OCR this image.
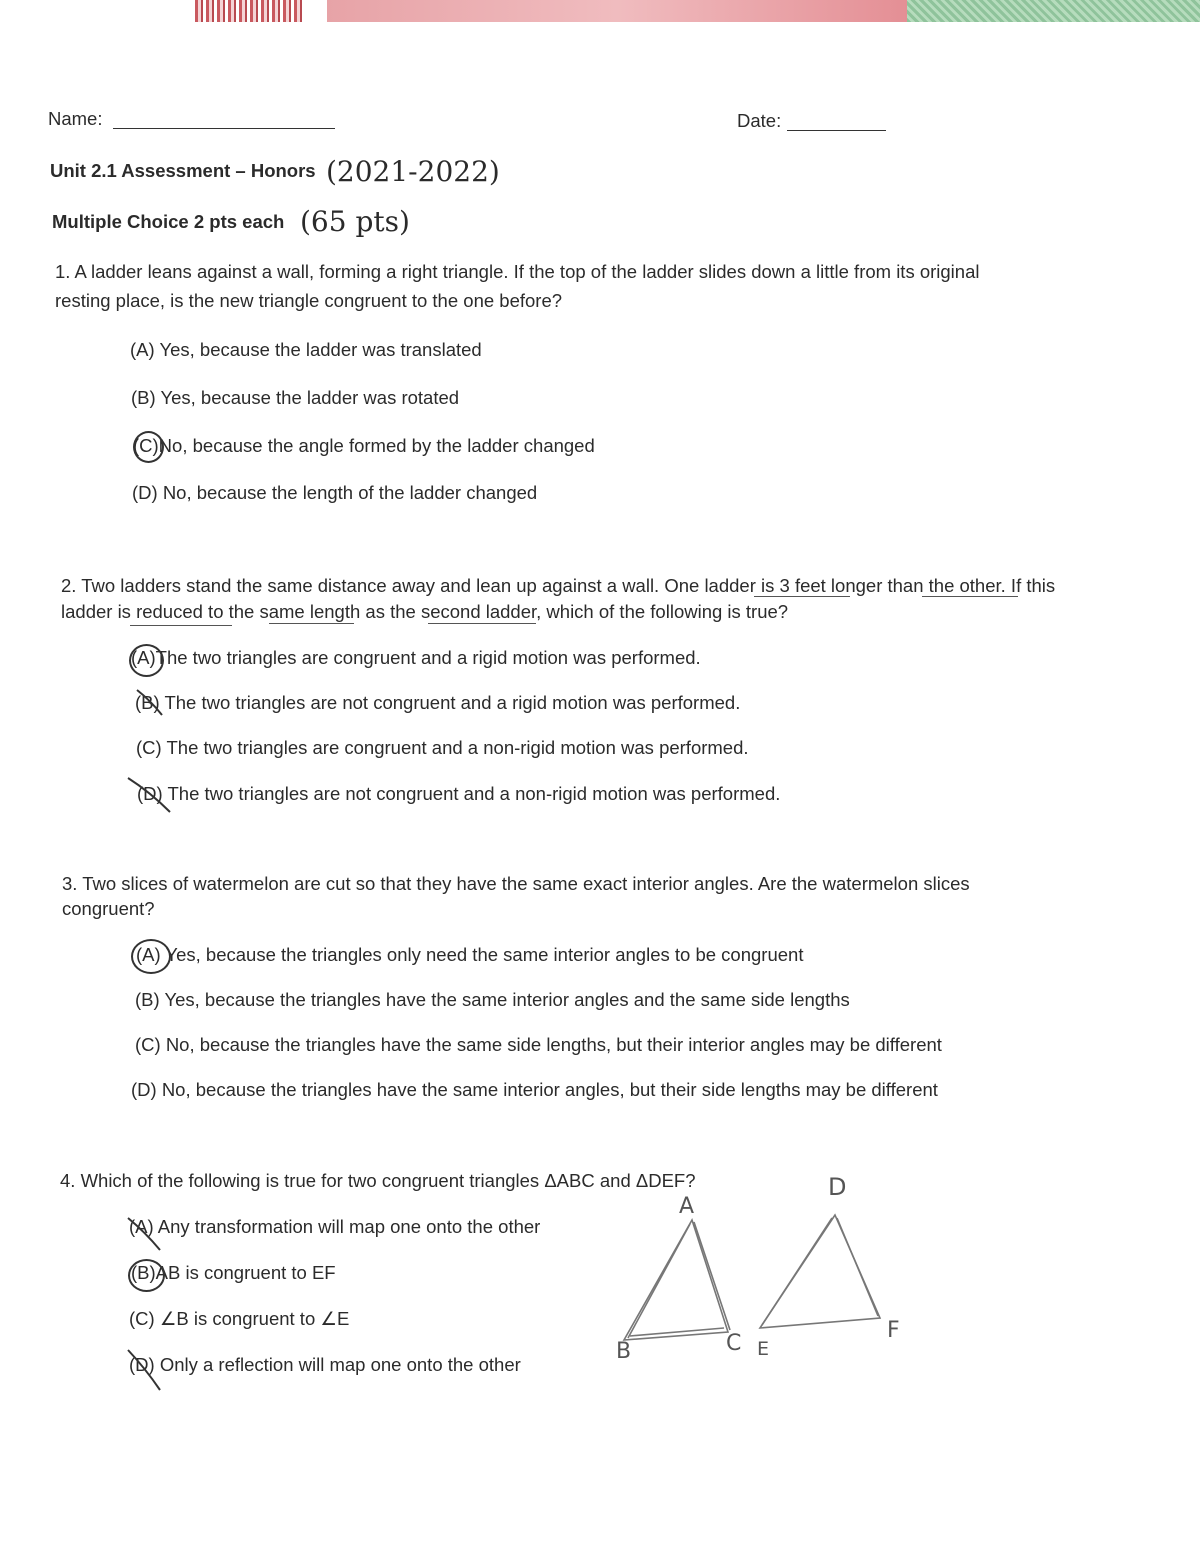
Name:	Date:
Unit 2.1 Assessment – Honors (2021-2022)
Multiple Choice 2 pts each (65 pts)
1. A ladder leans against a wall, forming a right triangle. If the top of the ladder slides down a little from its original
resting place, is the new triangle congruent to the one before?
(A) Yes, because the ladder was translated
(B) Yes, because the ladder was rotated
(C)No, because the angle formed by the ladder changed
(D) No, because the length of the ladder changed
2. Two ladders stand the same distance away and lean up against a wall. One ladder is 3 feet longer than the other. If this
ladder is reduced to the same length as the second ladder, which of the following is true?
(A)The two triangles are congruent and a rigid motion was performed.
(B) The two triangles are not congruent and a rigid motion was performed.
(C) The two triangles are congruent and a non-rigid motion was performed.
(D) The two triangles are not congruent and a non-rigid motion was performed.
3. Two slices of watermelon are cut so that they have the same exact interior angles. Are the watermelon slices
congruent?
(A) Yes, because the triangles only need the same interior angles to be congruent
(B) Yes, because the triangles have the same interior angles and the same side lengths
(C) No, because the triangles have the same side lengths, but their interior angles may be different
(D) No, because the triangles have the same interior angles, but their side lengths may be different
4. Which of the following is true for two congruent triangles ΔABC and ΔDEF?
(A) Any transformation will map one onto the other
(B)AB is congruent to EF
(C) ∠B is congruent to ∠E
(D) Only a reflection will map one onto the other
A
B	C
D
E
F
